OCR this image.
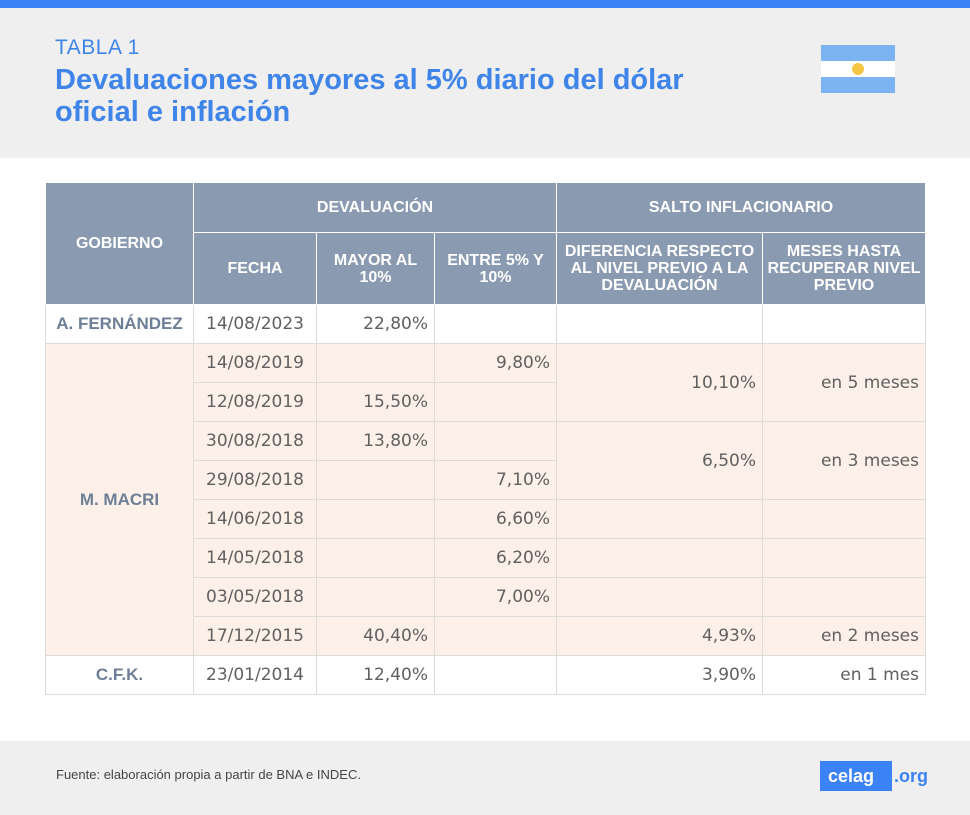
TABLA 1
Devaluaciones mayores al 5% diario del dólar oficial e inflación
GOBIERNO	DEVALUACIÓN			SALTO INFLACIONARIO	
	FECHA	MAYOR AL 10%	ENTRE 5% Y 10%	DIFERENCIA RESPECTO AL NIVEL PREVIO A LA DEVALUACIÓN	MESES HASTA RECUPERAR NIVEL PREVIO
A. FERNÁNDEZ	14/08/2023	22,80%			
M. MACRI	14/08/2019		9,80%	10,10%	en 5 meses
	12/08/2019	15,50%			
	30/08/2018	13,80%		6,50%	en 3 meses
	29/08/2018		7,10%		
	14/06/2018		6,60%		
	14/05/2018		6,20%		
	03/05/2018		7,00%		
	17/12/2015	40,40%		4,93%	en 2 meses
C.F.K.	23/01/2014	12,40%		3,90%	en 1 mes
Fuente: elaboración propia a partir de BNA e INDEC.	celag	.org
